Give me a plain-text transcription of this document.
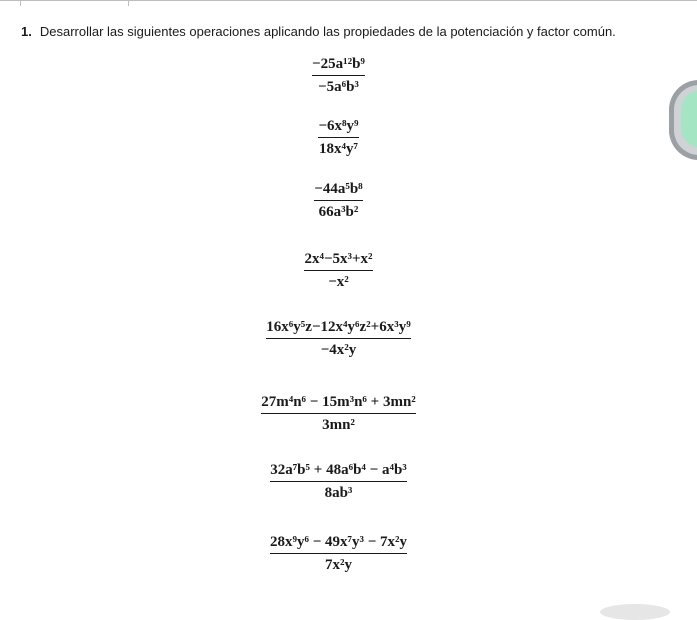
1. Desarrollar las siguientes operaciones aplicando las propiedades de la potenciación y factor común.
$\frac{\text{−25a¹²b⁹}}{\text{−5a⁶b³}}$
$\frac{\text{−6x⁸y⁹}}{\text{18x⁴y⁷}}$
$\frac{\text{−44a⁵b⁸}}{\text{66a³b²}}$
$\frac{\text{2x⁴−5x³+x²}}{\text{−x²}}$
$\frac{\text{16x⁶y⁵z−12x⁴y⁶z²+6x³y⁹}}{\text{−4x²y}}$
$\frac{\text{27m⁴n⁶ − 15m³n⁶ + 3mn²}}{\text{3mn²}}$
$\frac{\text{32a⁷b⁵ + 48a⁶b⁴ − a⁴b³}}{\text{8ab³}}$
$\frac{\text{28x⁹y⁶ − 49x⁷y³ − 7x²y}}{\text{7x²y}}$
